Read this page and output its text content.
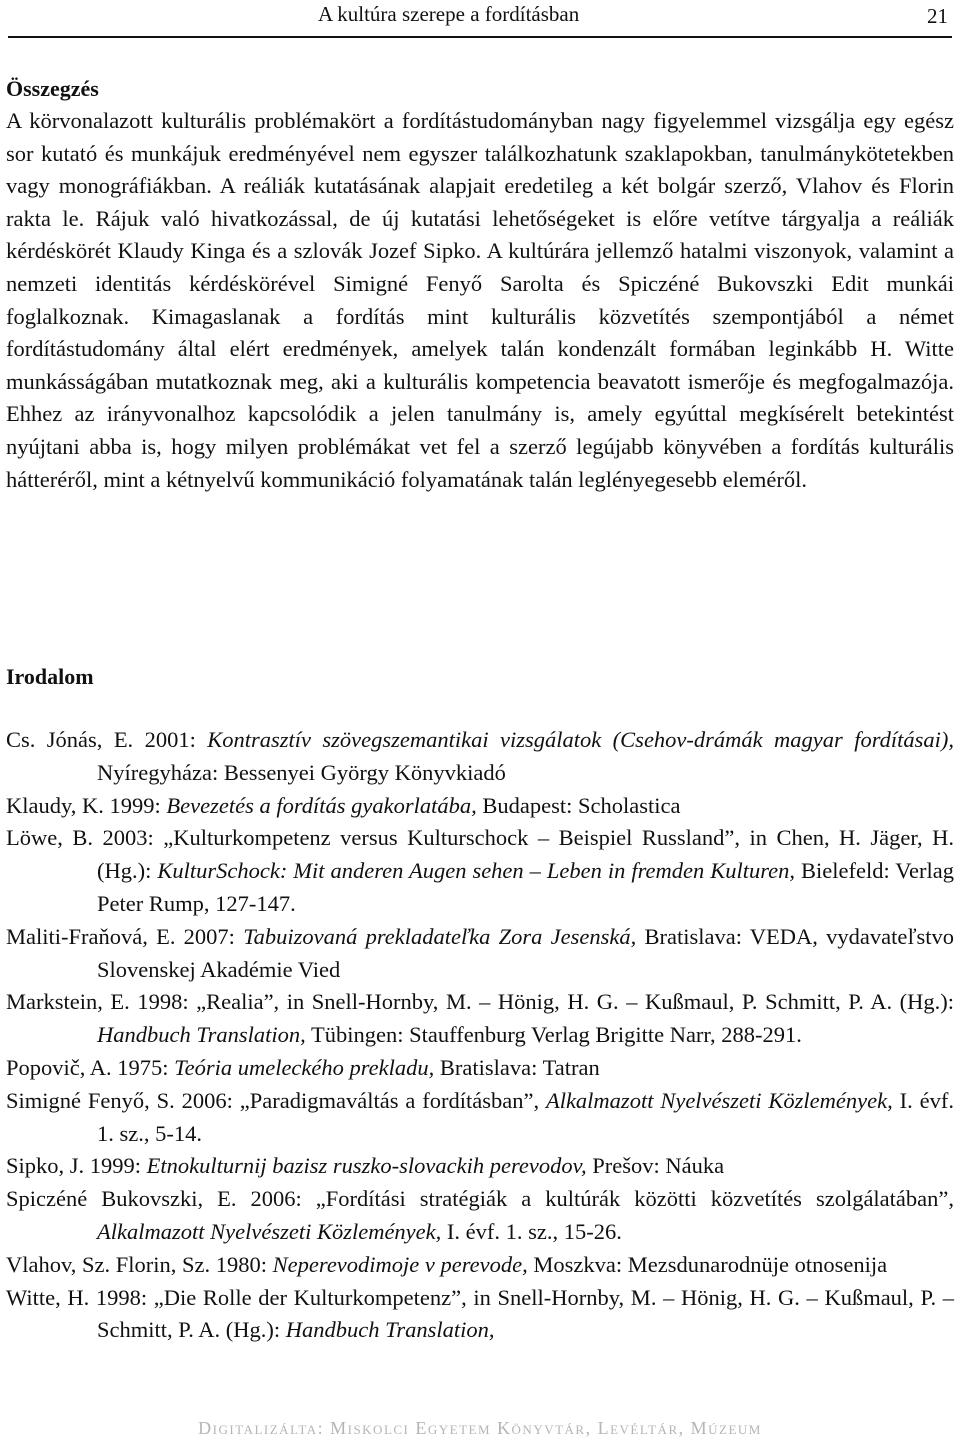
A kultúra szerepe a fordításban	21
Összegzés

A körvonalazott kulturális problémakört a fordítástudományban nagy figyelemmel vizsgálja egy egész sor kutató és munkájuk eredményével nem egyszer találkozhatunk szaklapokban, tanulmánykötetekben vagy monográfiákban. A reáliák kutatásának alapjait eredetileg a két bolgár szerző, Vlahov és Florin rakta le. Rájuk való hivatkozással, de új kutatási lehetőségeket is előre vetítve tárgyalja a reáliák kérdéskörét Klaudy Kinga és a szlovák Jozef Sipko. A kultúrára jellemző hatalmi viszonyok, valamint a nemzeti identitás kérdéskörével Simigné Fenyő Sarolta és Spiczéné Bukovszki Edit munkái foglalkoznak. Kimagaslanak a fordítás mint kulturális közvetítés szempontjából a német fordítástudomány által elért eredmények, amelyek talán kondenzált formában leginkább H. Witte munkásságában mutatkoznak meg, aki a kulturális kompetencia beavatott ismerője és megfogalmazója. Ehhez az irányvonalhoz kapcsolódik a jelen tanulmány is, amely egyúttal megkísérelt betekintést nyújtani abba is, hogy milyen problémákat vet fel a szerző legújabb könyvében a fordítás kulturális hátteréről, mint a kétnyelvű kommunikáció folyamatának talán leglényegesebb eleméről.

Irodalom
Cs. Jónás, E. 2001: Kontrasztív szövegszemantikai vizsgálatok (Csehov-drámák magyar fordításai), Nyíregyháza: Bessenyei György Könyvkiadó
Klaudy, K. 1999: Bevezetés a fordítás gyakorlatába, Budapest: Scholastica
Löwe, B. 2003: „Kulturkompetenz versus Kulturschock – Beispiel Russland”, in Chen, H. Jäger, H. (Hg.): KulturSchock: Mit anderen Augen sehen – Leben in fremden Kulturen, Bielefeld: Verlag Peter Rump, 127-147.
Maliti-Fraňová, E. 2007: Tabuizovaná prekladateľka Zora Jesenská, Bratislava: VEDA, vydavateľstvo Slovenskej Akadémie Vied
Markstein, E. 1998: „Realia”, in Snell-Hornby, M. – Hönig, H. G. – Kußmaul, P. Schmitt, P. A. (Hg.): Handbuch Translation, Tübingen: Stauffenburg Verlag Brigitte Narr, 288-291.
Popovič, A. 1975: Teória umeleckého prekladu, Bratislava: Tatran
Simigné Fenyő, S. 2006: „Paradigmaváltás a fordításban”, Alkalmazott Nyelvészeti Közlemények, I. évf. 1. sz., 5-14.
Sipko, J. 1999: Etnokulturnij bazisz ruszko-slovackih perevodov, Prešov: Náuka
Spiczéné Bukovszki, E. 2006: „Fordítási stratégiák a kultúrák közötti közvetítés szolgálatában”, Alkalmazott Nyelvészeti Közlemények, I. évf. 1. sz., 15-26.
Vlahov, Sz. Florin, Sz. 1980: Neperevodimoje v perevode, Moszkva: Mezsdunarodnüje otnosenija
Witte, H. 1998: „Die Rolle der Kulturkompetenz”, in Snell-Hornby, M. – Hönig, H. G. – Kußmaul, P. – Schmitt, P. A. (Hg.): Handbuch Translation,
Digitalizálta: Miskolci Egyetem Könyvtár, Levéltár, Múzeum
